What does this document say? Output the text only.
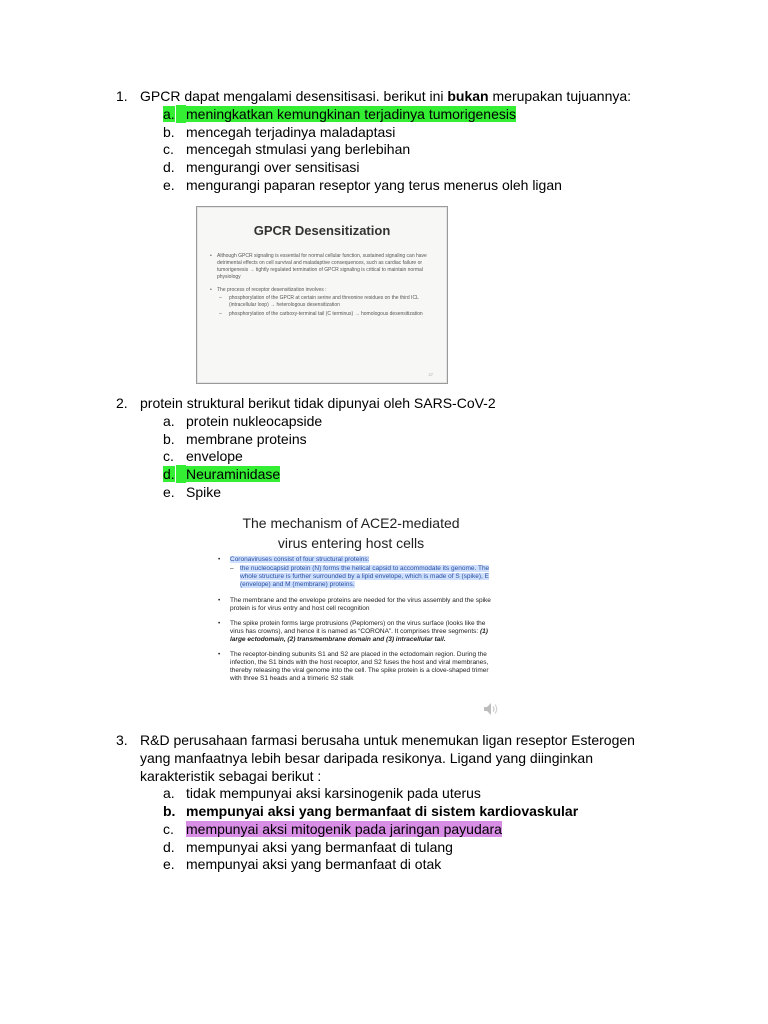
1. GPCR dapat mengalami desensitisasi. berikut ini bukan merupakan tujuannya:
a. meningkatkan kemungkinan terjadinya tumorigenesis
b. mencegah terjadinya maladaptasi
c. mencegah stmulasi yang berlebihan
d. mengurangi over sensitisasi
e. mengurangi paparan reseptor yang terus menerus oleh ligan
GPCR Desensitization
• Although GPCR signaling is essential for normal cellular function, sustained signaling can have detrimental effects on cell survival and maladaptive consequences, such as cardiac failure or tumorigenesis → tightly regulated termination of GPCR signaling is critical to maintain normal physiology
• The process of receptor desensitization involves :
– phosphorylation of the GPCR at certain serine and threonine residues on the third ICL (intracellular loop) → heterologous desensitization
– phosphorylation of the carboxy-terminal tail (C terminus) → homologous desensitization
27
2. protein struktural berikut tidak dipunyai oleh SARS-CoV-2
a. protein nukleocapside
b. membrane proteins
c. envelope
d. Neuraminidase
e. Spike
The mechanism of ACE2-mediated
virus entering host cells
• Coronaviruses consist of four structural proteins:
– the nucleocapsid protein (N) forms the helical capsid to accommodate its genome. The whole structure is further surrounded by a lipid envelope, which is made of S (spike), E (envelope) and M (membrane) proteins.
• The membrane and the envelope proteins are needed for the virus assembly and the spike protein is for virus entry and host cell recognition
• The spike protein forms large protrusions (Peplomers) on the virus surface (looks like the virus has crowns), and hence it is named as “CORONA”. It comprises three segments: (1) large ectodomain, (2) transmembrane domain and (3) intracellular tail.
• The receptor-binding subunits S1 and S2 are placed in the ectodomain region. During the infection, the S1 binds with the host receptor, and S2 fuses the host and viral membranes, thereby releasing the viral genome into the cell. The spike protein is a clove-shaped trimer with three S1 heads and a trimeric S2 stalk
3. R&D perusahaan farmasi berusaha untuk menemukan ligan reseptor Esterogen
yang manfaatnya lebih besar daripada resikonya. Ligand yang diinginkan
karakteristik sebagai berikut :
a. tidak mempunyai aksi karsinogenik pada uterus
b. mempunyai aksi yang bermanfaat di sistem kardiovaskular
c. mempunyai aksi mitogenik pada jaringan payudara
d. mempunyai aksi yang bermanfaat di tulang
e. mempunyai aksi yang bermanfaat di otak
